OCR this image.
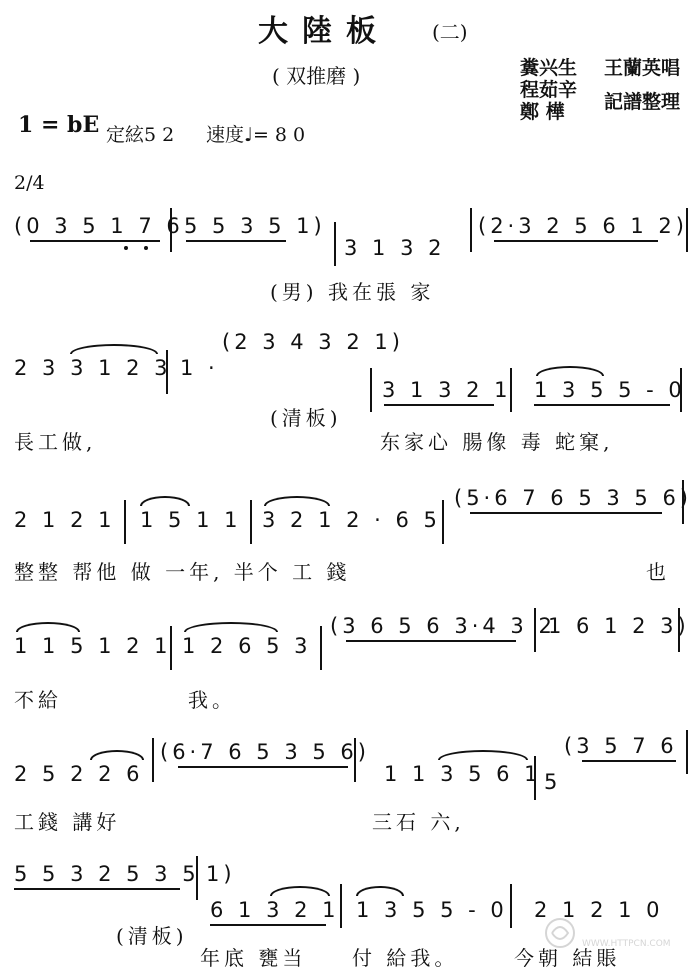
大陸板 (二)
( 双推磨 )	糞兴生 王蘭英唱
程茹辛
鄭 樺 記譜整理
1 = bE 定絃5 2 速度♩= 8 0
2/4
(0 3 5 1 7 6 5 5 3 5 1)
3 1 3 2
(2·3 2 5 6 1 2)
(男) 我在張 家
2 3 3 1 2 3 1 ·
(2 3 4 3 2 1)
3 1 3 2 1 1 3 5 5 - 0
長工做,
(清板)
东家心 腸像 毒 蛇窠,
2 1 2 1 1 5 1 1 3 2 1 2 · 6 5
(5·6 7 6 5 3 5 6)
整整 帮他 做 一年, 半个 工 錢	也
1 1 5 1 2 1 1 2 6 5 3
(3 6 5 6 3·4 3 2
1 6 1 2 3)
不給	我。
2 5 2 2 6
(6·7 6 5 3 5 6)
1 1 3 5 6 1 5
(3 5 7 6
工錢 講好	三石 六,
5 5 3 2 5 3 5 1)
6 1 3 2 1 1 3 5 5 - 0 2 1 2 1 0
(清板)
年底 甕当 付 給我。	今朝 結賬
WWW.HTTPCN.COM
